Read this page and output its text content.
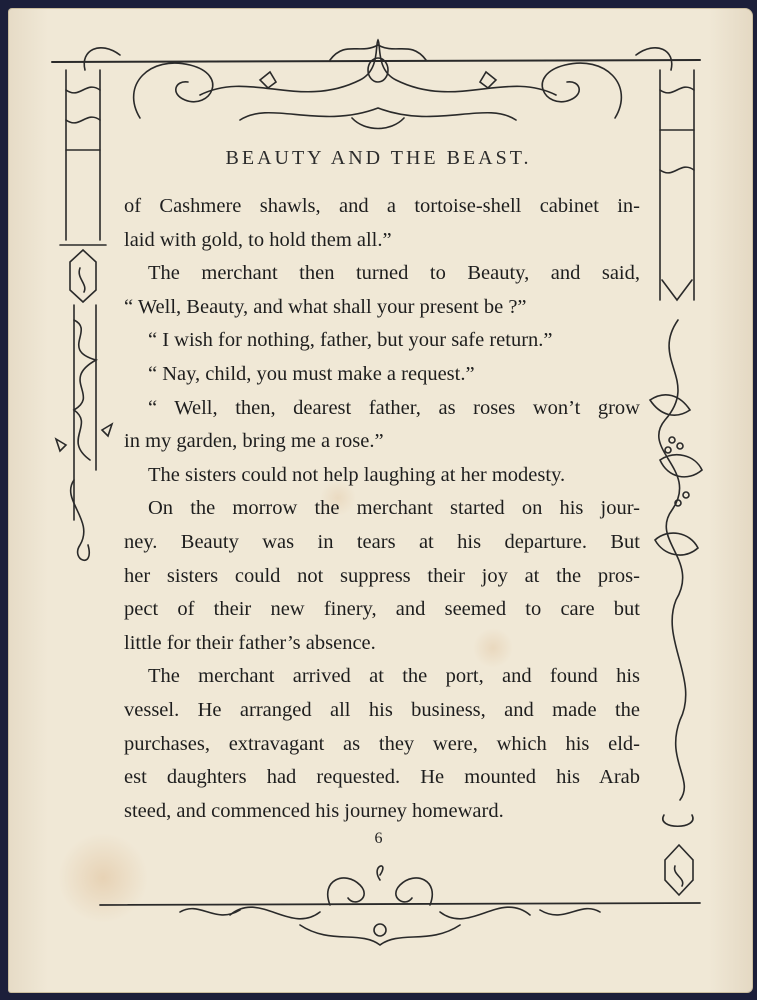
BEAUTY AND THE BEAST.
of Cashmere shawls, and a tortoise-shell cabinet in-
laid with gold, to hold them all.”
The merchant then turned to Beauty, and said,
“ Well, Beauty, and what shall your present be ?”
“ I wish for nothing, father, but your safe return.”
“ Nay, child, you must make a request.”
“ Well, then, dearest father, as roses won’t grow
in my garden, bring me a rose.”
The sisters could not help laughing at her modesty.
On the morrow the merchant started on his jour-
ney. Beauty was in tears at his departure. But
her sisters could not suppress their joy at the pros-
pect of their new finery, and seemed to care but
little for their father’s absence.
The merchant arrived at the port, and found his
vessel. He arranged all his business, and made the
purchases, extravagant as they were, which his eld-
est daughters had requested. He mounted his Arab
steed, and commenced his journey homeward.
6
